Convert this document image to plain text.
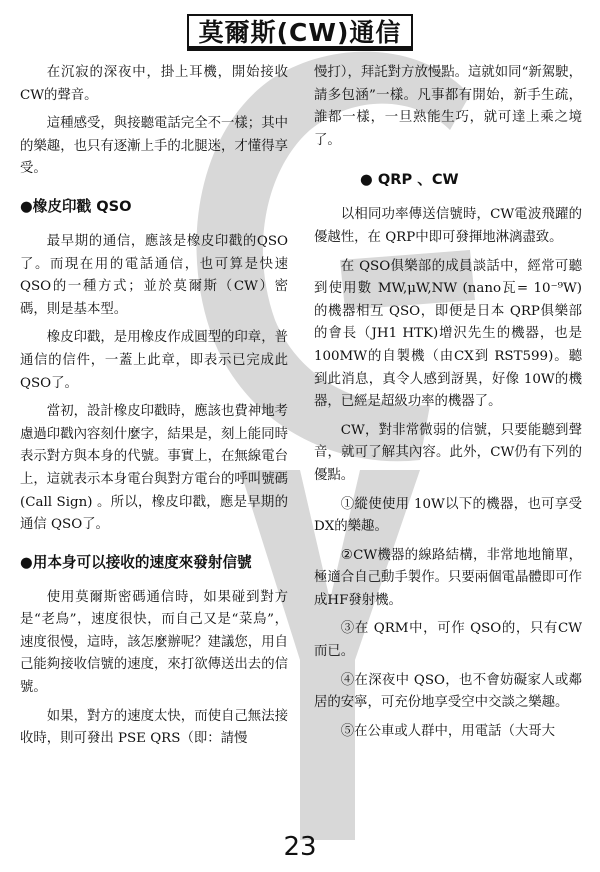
莫爾斯(CW)通信

在沉寂的深夜中，掛上耳機，開始接收CW的聲音。

這種感受，與接聽電話完全不一樣；其中的樂趣，也只有逐漸上手的北腿迷，才懂得享受。

●橡皮印戳 QSO

最早期的通信，應該是橡皮印戳的QSO了。而現在用的電話通信，也可算是快速 QSO的一種方式；並於莫爾斯（CW）密碼，則是基本型。

橡皮印戳，是用橡皮作成圓型的印章，普通信的信件，一蓋上此章，即表示已完成此 QSO了。

當初，設計橡皮印戳時，應該也費神地考慮過印戳內容刻什麼字，結果是，刻上能同時表示對方與本身的代號。事實上，在無線電台上，這就表示本身電台與對方電台的呼叫號碼(Call Sign) 。所以，橡皮印戳，應是早期的通信 QSO了。

●用本身可以接收的速度來發射信號

使用莫爾斯密碼通信時，如果碰到對方是“老鳥”，速度很快，而自己又是“菜鳥”，速度很慢，這時，該怎麼辦呢？建議您，用自己能夠接收信號的速度，來打欲傳送出去的信號。

如果，對方的速度太快，而使自己無法接收時，則可發出 PSE QRS（即：請慢

慢打），拜託對方放慢點。這就如同“新駕駛，請多包涵”一樣。凡事都有開始，新手生疏，誰都一樣，一旦熟能生巧，就可達上乘之境了。

● QRP 、CW

以相同功率傳送信號時，CW電波飛躍的優越性，在 QRP中即可發揮地淋漓盡致。

在 QSO俱樂部的成員談話中，經常可聽到使用數 MW,μW,NW (nano瓦= 10⁻⁹W)的機器相互 QSO，即便是日本 QRP俱樂部的會長（JH1 HTK)增沢先生的機器，也是100MW的自製機（由CX到 RST599)。聽到此消息，真令人感到訝異，好像 10W的機器，已經是超級功率的機器了。

CW，對非常微弱的信號，只要能聽到聲音，就可了解其內容。此外，CW仍有下列的優點。

①縱使使用 10W以下的機器，也可享受DX的樂趣。

②CW機器的線路結構，非常地地簡單，極適合自己動手製作。只要兩個電晶體即可作成HF發射機。

③在 QRM中，可作 QSO的，只有CW而已。

④在深夜中 QSO，也不會妨礙家人或鄰居的安寧，可充份地享受空中交談之樂趣。

⑤在公車或人群中，用電話（大哥大

23
